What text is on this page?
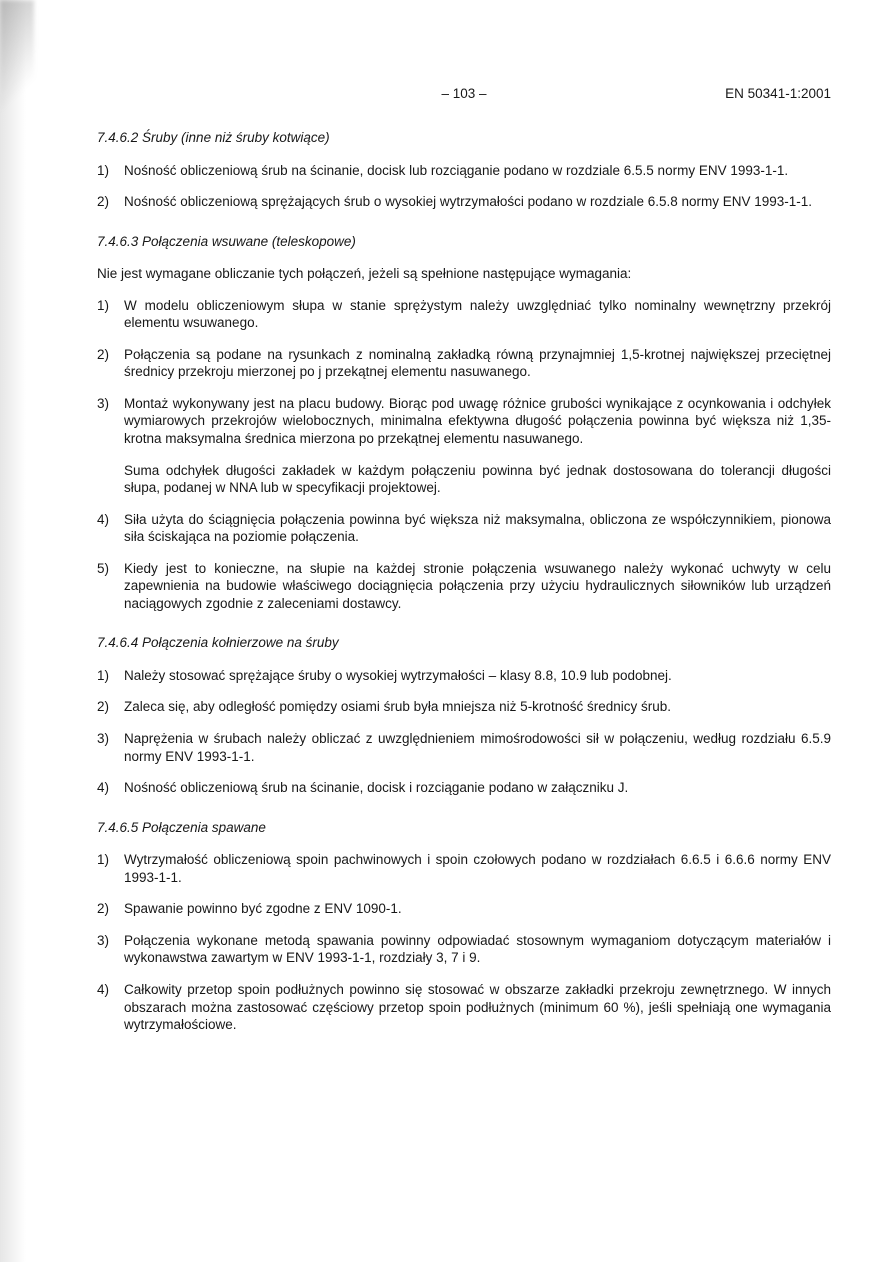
– 103 –	EN 50341-1:2001
7.4.6.2 Śruby (inne niż śruby kotwiące)
1)	Nośność obliczeniową śrub na ścinanie, docisk lub rozciąganie podano w rozdziale 6.5.5 normy ENV 1993-1-1.
2)	Nośność obliczeniową sprężających śrub o wysokiej wytrzymałości podano w rozdziale 6.5.8 normy ENV 1993-1-1.
7.4.6.3 Połączenia wsuwane (teleskopowe)

Nie jest wymagane obliczanie tych połączeń, jeżeli są spełnione następujące wymagania:

1)	W modelu obliczeniowym słupa w stanie sprężystym należy uwzględniać tylko nominalny wewnętrzny przekrój elementu wsuwanego.
2)	Połączenia są podane na rysunkach z nominalną zakładką równą przynajmniej 1,5-krotnej największej przeciętnej średnicy przekroju mierzonej po j przekątnej elementu nasuwanego.
3)	Montaż wykonywany jest na placu budowy. Biorąc pod uwagę różnice grubości wynikające z ocynkowania i odchyłek wymiarowych przekrojów wielobocznych, minimalna efektywna długość połączenia powinna być większa niż 1,35-krotna maksymalna średnica mierzona po przekątnej elementu nasuwanego.

Suma odchyłek długości zakładek w każdym połączeniu powinna być jednak dostosowana do tolerancji długości słupa, podanej w NNA lub w specyfikacji projektowej.

4)	Siła użyta do ściągnięcia połączenia powinna być większa niż maksymalna, obliczona ze współczynnikiem, pionowa siła ściskająca na poziomie połączenia.
5)	Kiedy jest to konieczne, na słupie na każdej stronie połączenia wsuwanego należy wykonać uchwyty w celu zapewnienia na budowie właściwego dociągnięcia połączenia przy użyciu hydraulicznych siłowników lub urządzeń naciągowych zgodnie z zaleceniami dostawcy.
7.4.6.4 Połączenia kołnierzowe na śruby
1)	Należy stosować sprężające śruby o wysokiej wytrzymałości – klasy 8.8, 10.9 lub podobnej.
2)	Zaleca się, aby odległość pomiędzy osiami śrub była mniejsza niż 5-krotność średnicy śrub.
3)	Naprężenia w śrubach należy obliczać z uwzględnieniem mimośrodowości sił w połączeniu, według rozdziału 6.5.9 normy ENV 1993-1-1.
4)	Nośność obliczeniową śrub na ścinanie, docisk i rozciąganie podano w załączniku J.
7.4.6.5 Połączenia spawane
1)	Wytrzymałość obliczeniową spoin pachwinowych i spoin czołowych podano w rozdziałach 6.6.5 i 6.6.6 normy ENV 1993-1-1.
2)	Spawanie powinno być zgodne z ENV 1090-1.
3)	Połączenia wykonane metodą spawania powinny odpowiadać stosownym wymaganiom dotyczącym materiałów i wykonawstwa zawartym w ENV 1993-1-1, rozdziały 3, 7 i 9.
4)	Całkowity przetop spoin podłużnych powinno się stosować w obszarze zakładki przekroju zewnętrznego. W innych obszarach można zastosować częściowy przetop spoin podłużnych (minimum 60 %), jeśli spełniają one wymagania wytrzymałościowe.
